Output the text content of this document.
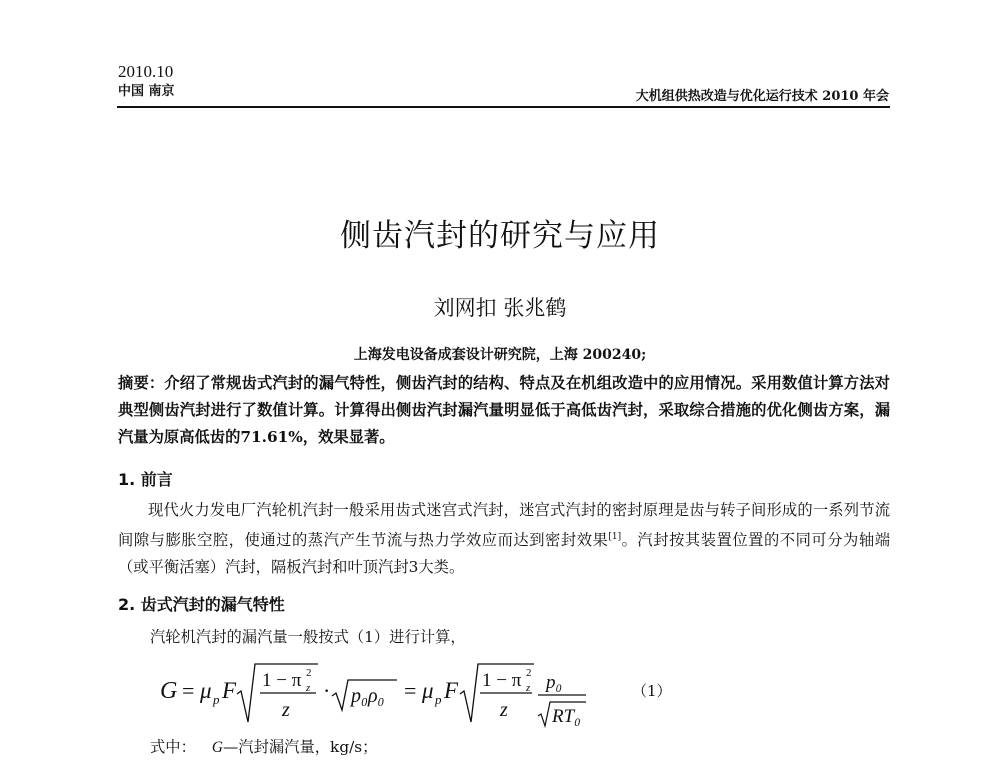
2010.10
中国 南京	大机组供热改造与优化运行技术 2010 年会
侧齿汽封的研究与应用
刘网扣 张兆鹤
上海发电设备成套设计研究院，上海 200240;
摘要：介绍了常规齿式汽封的漏气特性，侧齿汽封的结构、特点及在机组改造中的应用情况。采用数值计算方法对典型侧齿汽封进行了数值计算。计算得出侧齿汽封漏汽量明显低于高低齿汽封，采取综合措施的优化侧齿方案，漏汽量为原高低齿的71.61%，效果显著。
1. 前言
现代火力发电厂汽轮机汽封一般采用齿式迷宫式汽封，迷宫式汽封的密封原理是齿与转子间形成的一系列节流间隙与膨胀空腔，使通过的蒸汽产生节流与热力学效应而达到密封效果[1]。汽封按其装置位置的不同可分为轴端（或平衡活塞）汽封，隔板汽封和叶顶汽封3大类。
2. 齿式汽封的漏气特性
汽轮机汽封的漏汽量一般按式（1）进行计算，
G = μ p F 1 − π z
2
z
· p₀ρ₀ = μ p F 1 − π z
2
z
p₀
RT₀
（1）
式中： G—汽封漏汽量，kg/s；
